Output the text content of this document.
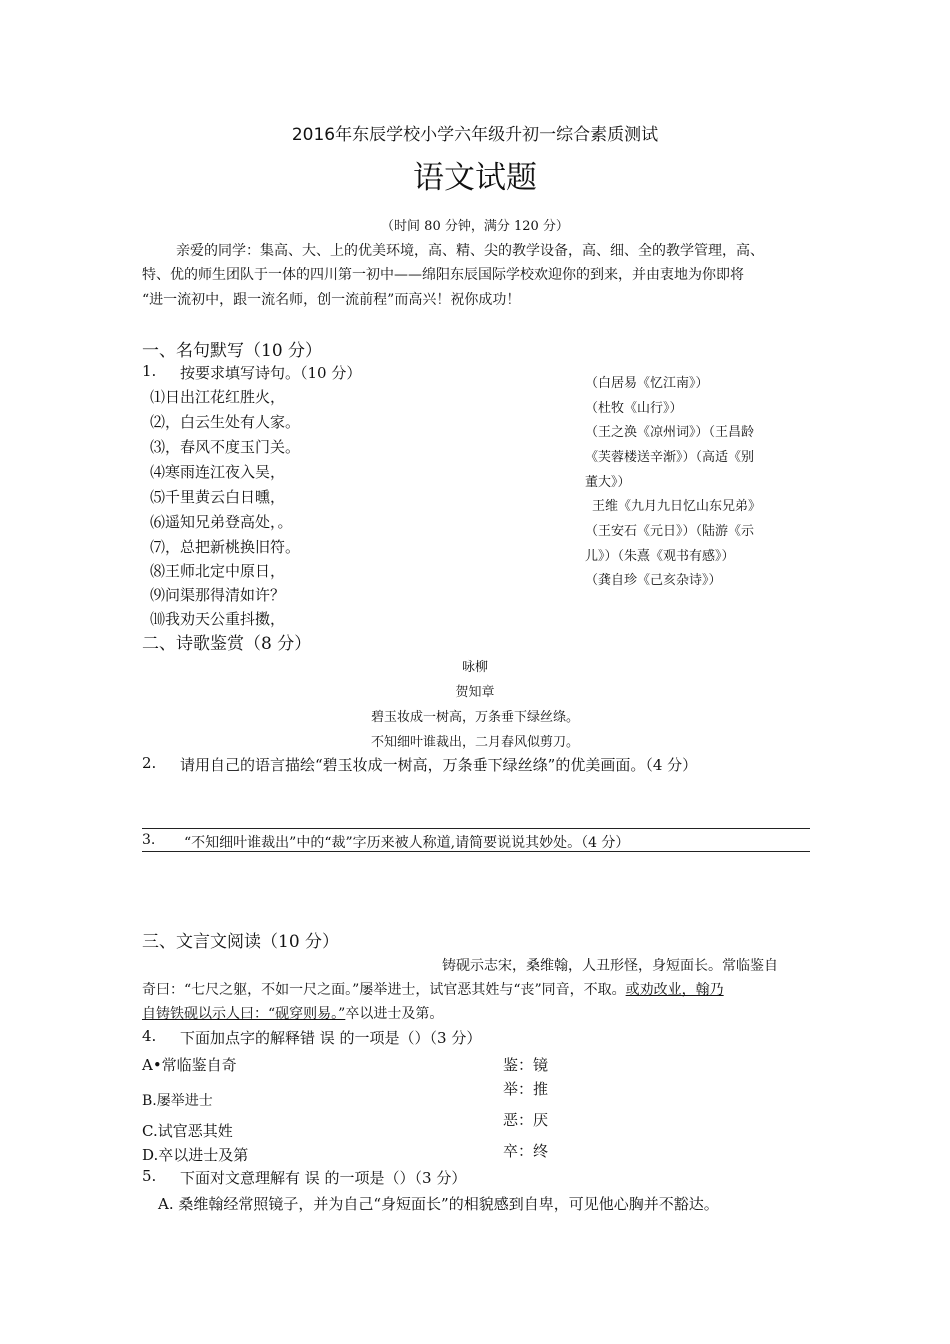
2016年东辰学校小学六年级升初一综合素质测试
语文试题
（时间 80 分钟，满分 120 分）
亲爱的同学：集高、大、上的优美环境，高、精、尖的教学设备，高、细、全的教学管理，高、
特、优的师生团队于一体的四川第一初中——绵阳东辰国际学校欢迎你的到来，并由衷地为你即将
“进一流初中，跟一流名师，创一流前程”而高兴！祝你成功！
一、名句默写（10 分）
1. 按要求填写诗句。（10 分）
⑴日出江花红胜火，
⑵，白云生处有人家。
⑶，春风不度玉门关。
⑷寒雨连江夜入吴，
⑸千里黄云白日曛，
⑹遥知兄弟登高处，。
⑺，总把新桃换旧符。
⑻王师北定中原日，
⑼问渠那得清如许？
⑽我劝天公重抖擞，
（白居易《忆江南》）
（杜牧《山行》）
（王之涣《凉州词》）（王昌龄
《芙蓉楼送辛渐》）（高适《别
董大》）
王维《九月九日忆山东兄弟》
（王安石《元日》）（陆游《示
儿》）（朱熹《观书有感》）
（龚自珍《己亥杂诗》）
二、诗歌鉴赏（8 分）
咏柳
贺知章
碧玉妆成一树高，万条垂下绿丝绦。
不知细叶谁裁出，二月春风似剪刀。
2. 请用自己的语言描绘“碧玉妆成一树高，万条垂下绿丝绦”的优美画面。（4 分）
3. “不知细叶谁裁出”中的“裁”字历来被人称道,请简要说说其妙处。（4 分）
三、文言文阅读（10 分）
铸砚示志宋，桑维翰，人丑形怪，身短面长。常临鉴自
奇曰：“七尺之躯，不如一尺之面。”屡举进士，试官恶其姓与“丧”同音，不取。或劝改业，翰乃
自铸铁砚以示人曰：“砚穿则易。”卒以进士及第。
4. 下面加点字的解释错 误 的一项是（）（3 分）
A•常临鉴自奇	鉴：镜
B.屡举进士
举：推
C.试官恶其姓
恶：厌
D.卒以进士及第	卒：终
5. 下面对文意理解有 误 的一项是（）（3 分）
A. 桑维翰经常照镜子，并为自己“身短面长”的相貌感到自卑，可见他心胸并不豁达。
